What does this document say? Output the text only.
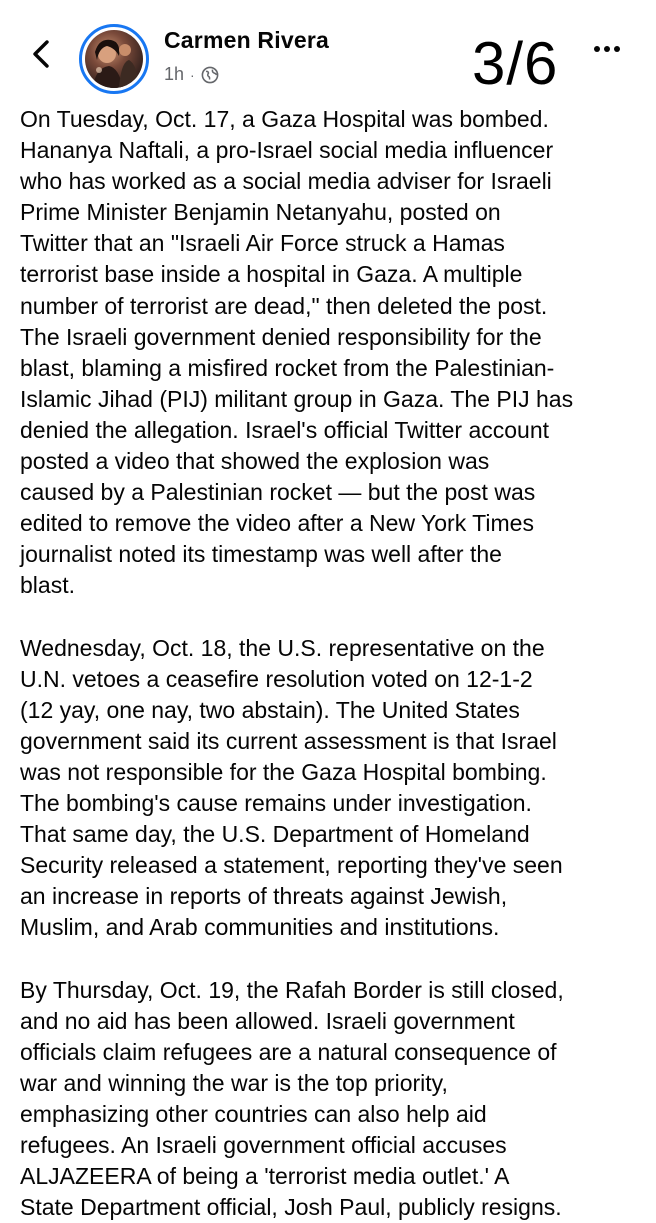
Carmen Rivera
1h ·	3/6

On Tuesday, Oct. 17, a Gaza Hospital was bombed.
Hananya Naftali, a pro-Israel social media influencer
who has worked as a social media adviser for Israeli
Prime Minister Benjamin Netanyahu, posted on
Twitter that an "Israeli Air Force struck a Hamas
terrorist base inside a hospital in Gaza. A multiple
number of terrorist are dead," then deleted the post.
The Israeli government denied responsibility for the
blast, blaming a misfired rocket from the Palestinian-
Islamic Jihad (PIJ) militant group in Gaza. The PIJ has
denied the allegation. Israel's official Twitter account
posted a video that showed the explosion was
caused by a Palestinian rocket — but the post was
edited to remove the video after a New York Times
journalist noted its timestamp was well after the
blast.

Wednesday, Oct. 18, the U.S. representative on the
U.N. vetoes a ceasefire resolution voted on 12-1-2
(12 yay, one nay, two abstain). The United States
government said its current assessment is that Israel
was not responsible for the Gaza Hospital bombing.
The bombing's cause remains under investigation.
That same day, the U.S. Department of Homeland
Security released a statement, reporting they've seen
an increase in reports of threats against Jewish,
Muslim, and Arab communities and institutions.

By Thursday, Oct. 19, the Rafah Border is still closed,
and no aid has been allowed. Israeli government
officials claim refugees are a natural consequence of
war and winning the war is the top priority,
emphasizing other countries can also help aid
refugees. An Israeli government official accuses
ALJAZEERA of being a 'terrorist media outlet.' A
State Department official, Josh Paul, publicly resigns.
